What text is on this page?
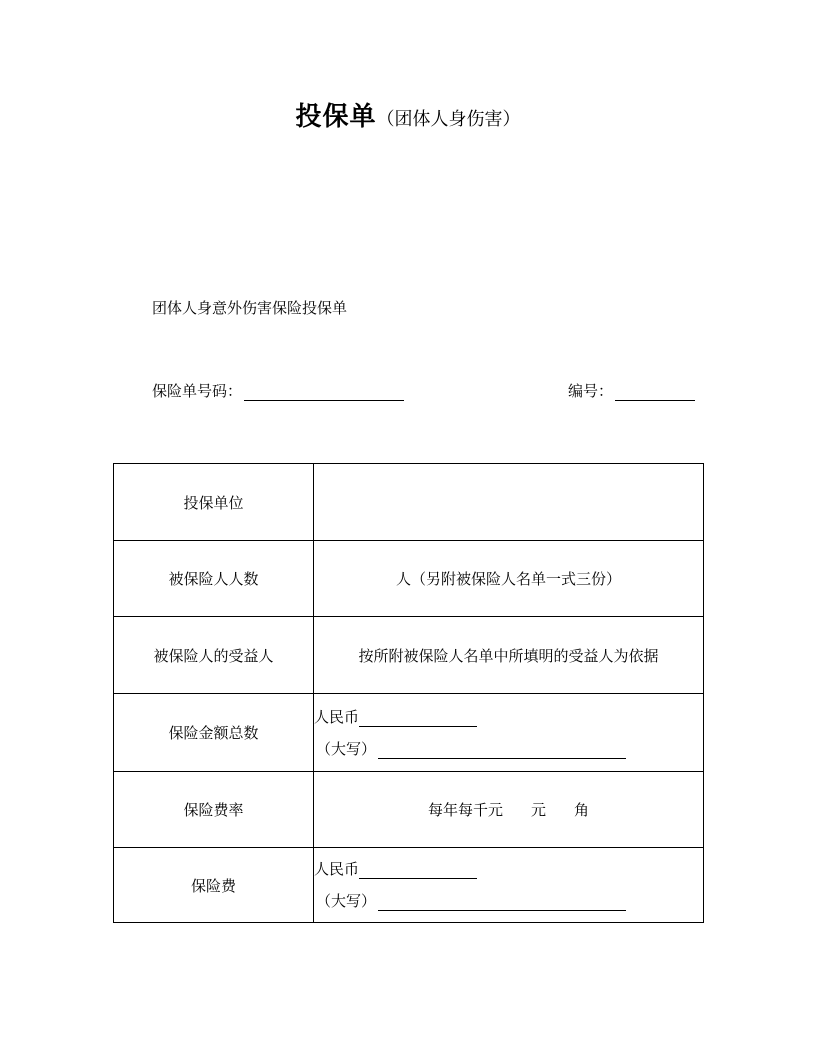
投保单（团体人身伤害）
团体人身意外伤害保险投保单
保险单号码：	编号：
投保单位	
被保险人人数	人（另附被保险人名单一式三份）
被保险人的受益人	按所附被保险人名单中所填明的受益人为依据
保险金额总数	人民币
（大写）

保险费率	每年每千元 元 角
保险费	人民币
（大写）
